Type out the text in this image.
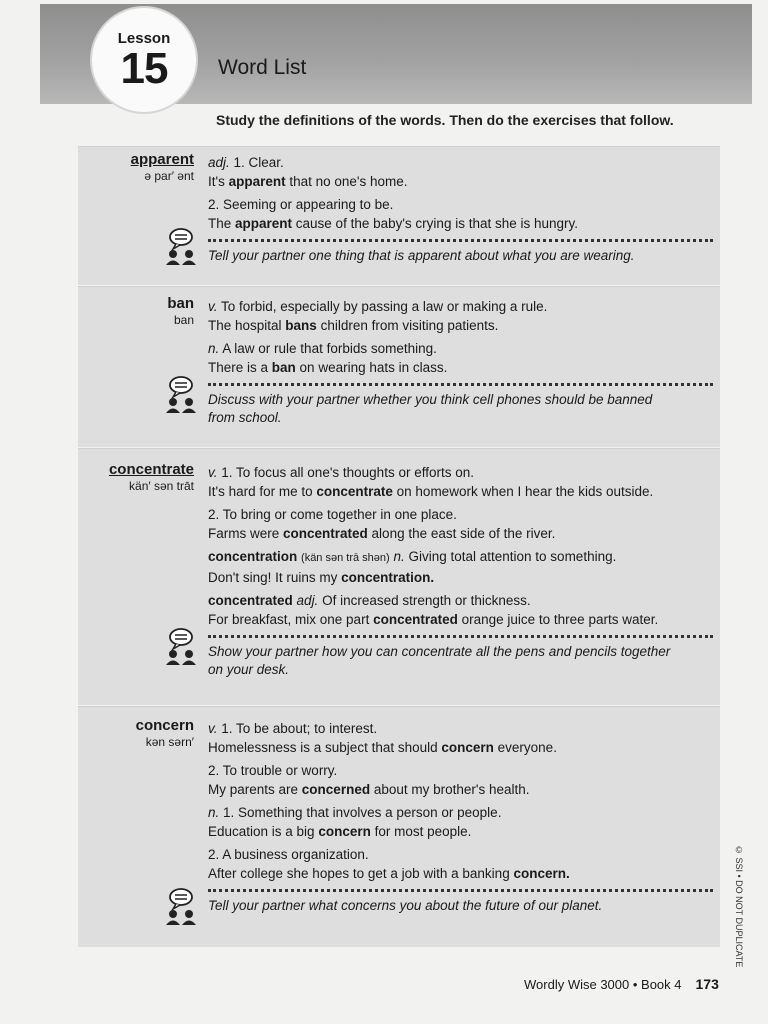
Word List
Lesson
15
Study the definitions of the words. Then do the exercises that follow.
apparent
ə par′ ənt
adj. 1. Clear.
It's apparent that no one's home.
2. Seeming or appearing to be.
The apparent cause of the baby's crying is that she is hungry.
Tell your partner one thing that is apparent about what you are wearing.
ban
ban
v. To forbid, especially by passing a law or making a rule.
The hospital bans children from visiting patients.
n. A law or rule that forbids something.
There is a ban on wearing hats in class.
Discuss with your partner whether you think cell phones should be banned
from school.
concentrate
kän′ sən trāt
v. 1. To focus all one's thoughts or efforts on.
It's hard for me to concentrate on homework when I hear the kids outside.
2. To bring or come together in one place.
Farms were concentrated along the east side of the river.
concentration (kän sən trā shən) n. Giving total attention to something.
Don't sing! It ruins my concentration.
concentrated adj. Of increased strength or thickness.
For breakfast, mix one part concentrated orange juice to three parts water.
Show your partner how you can concentrate all the pens and pencils together
on your desk.
concern
kən sərn′
v. 1. To be about; to interest.
Homelessness is a subject that should concern everyone.
2. To trouble or worry.
My parents are concerned about my brother's health.
n. 1. Something that involves a person or people.
Education is a big concern for most people.
2. A business organization.
After college she hopes to get a job with a banking concern.
Tell your partner what concerns you about the future of our planet.	© SSI • DO NOT DUPLICATE
Wordly Wise 3000 • Book 4 173
